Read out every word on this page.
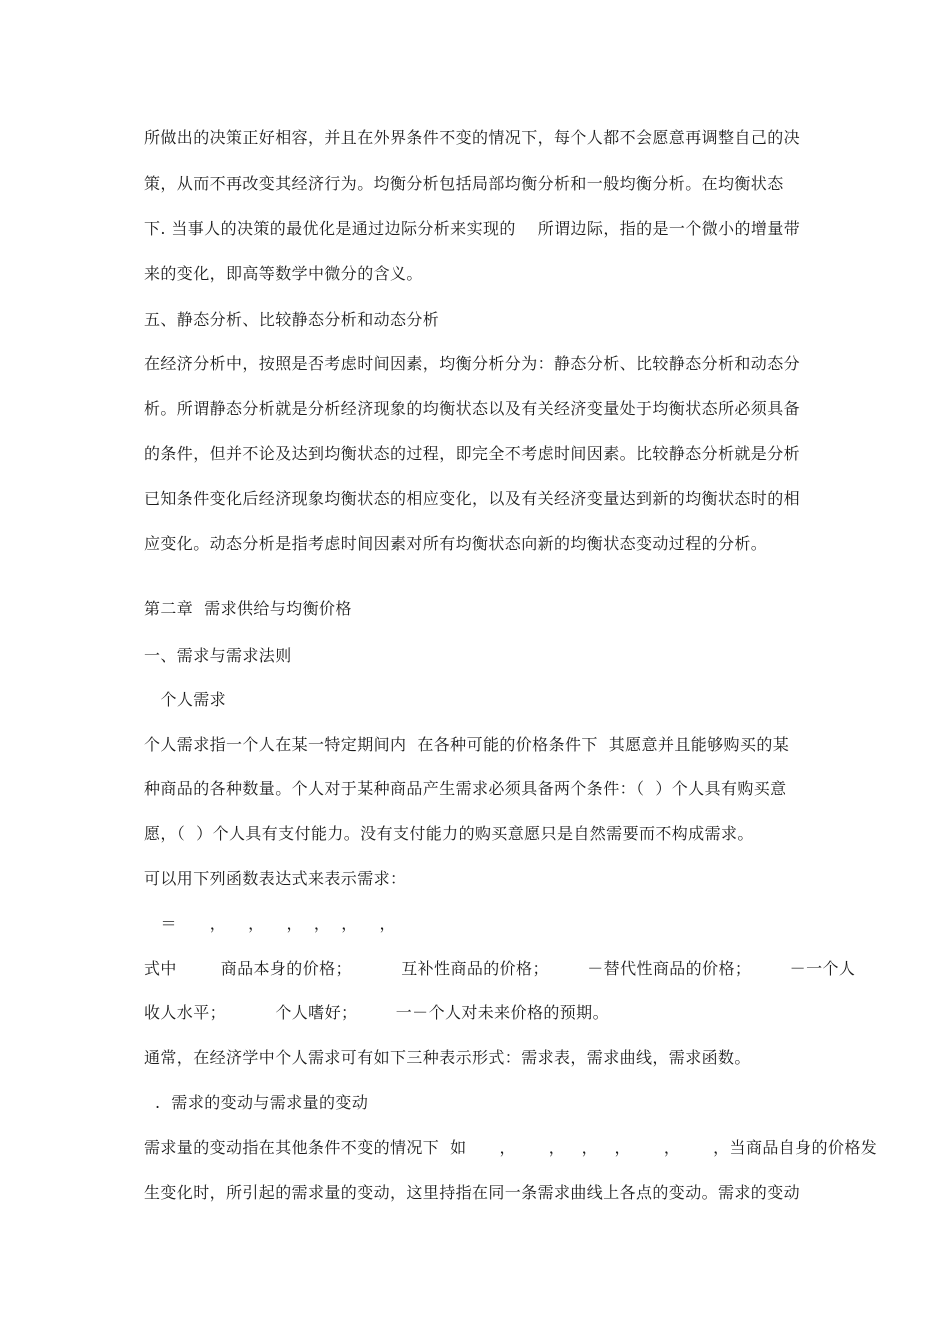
所做出的决策正好相容，并且在外界条件不变的情况下，每个人都不会愿意再调整自己的决
策，从而不再改变其经济行为。均衡分析包括局部均衡分析和一般均衡分析。在均衡状态
下. 当事人的决策的最优化是通过边际分析来实现的    所谓边际，指的是一个微小的增量带
来的变化，即高等数学中微分的含义。
五、静态分析、比较静态分析和动态分析
在经济分析中，按照是否考虑时间因素，均衡分析分为：静态分析、比较静态分析和动态分
析。所谓静态分析就是分析经济现象的均衡状态以及有关经济变量处于均衡状态所必须具备
的条件，但并不论及达到均衡状态的过程，即完全不考虑时间因素。比较静态分析就是分析
已知条件变化后经济现象均衡状态的相应变化，以及有关经济变量达到新的均衡状态时的相
应变化。动态分析是指考虑时间因素对所有均衡状态向新的均衡状态变动过程的分析。
第二章  需求供给与均衡价格
一、需求与需求法则
个人需求
个人需求指一个人在某一特定期间内  在各种可能的价格条件下  其愿意并且能够购买的某
种商品的各种数量。个人对于某种商品产生需求必须具备两个条件：（  ）个人具有购买意
愿，（  ）个人具有支付能力。没有支付能力的购买意愿只是自然需要而不构成需求。
可以用下列函数表达式来表示需求：
＝      ，    ，    ，  ，  ，    ，
式中        商品本身的价格；         互补性商品的价格；       －替代性商品的价格；       －一个人
收人水平；         个人嗜好；       一－个人对未来价格的预期。
通常，在经济学中个人需求可有如下三种表示形式：需求表，需求曲线，需求函数。
.  需求的变动与需求量的变动
需求量的变动指在其他条件不变的情况下  如      ，      ，   ，   ，      ，      ，当商品自身的价格发
生变化时，所引起的需求量的变动，这里持指在同一条需求曲线上各点的变动。需求的变动
